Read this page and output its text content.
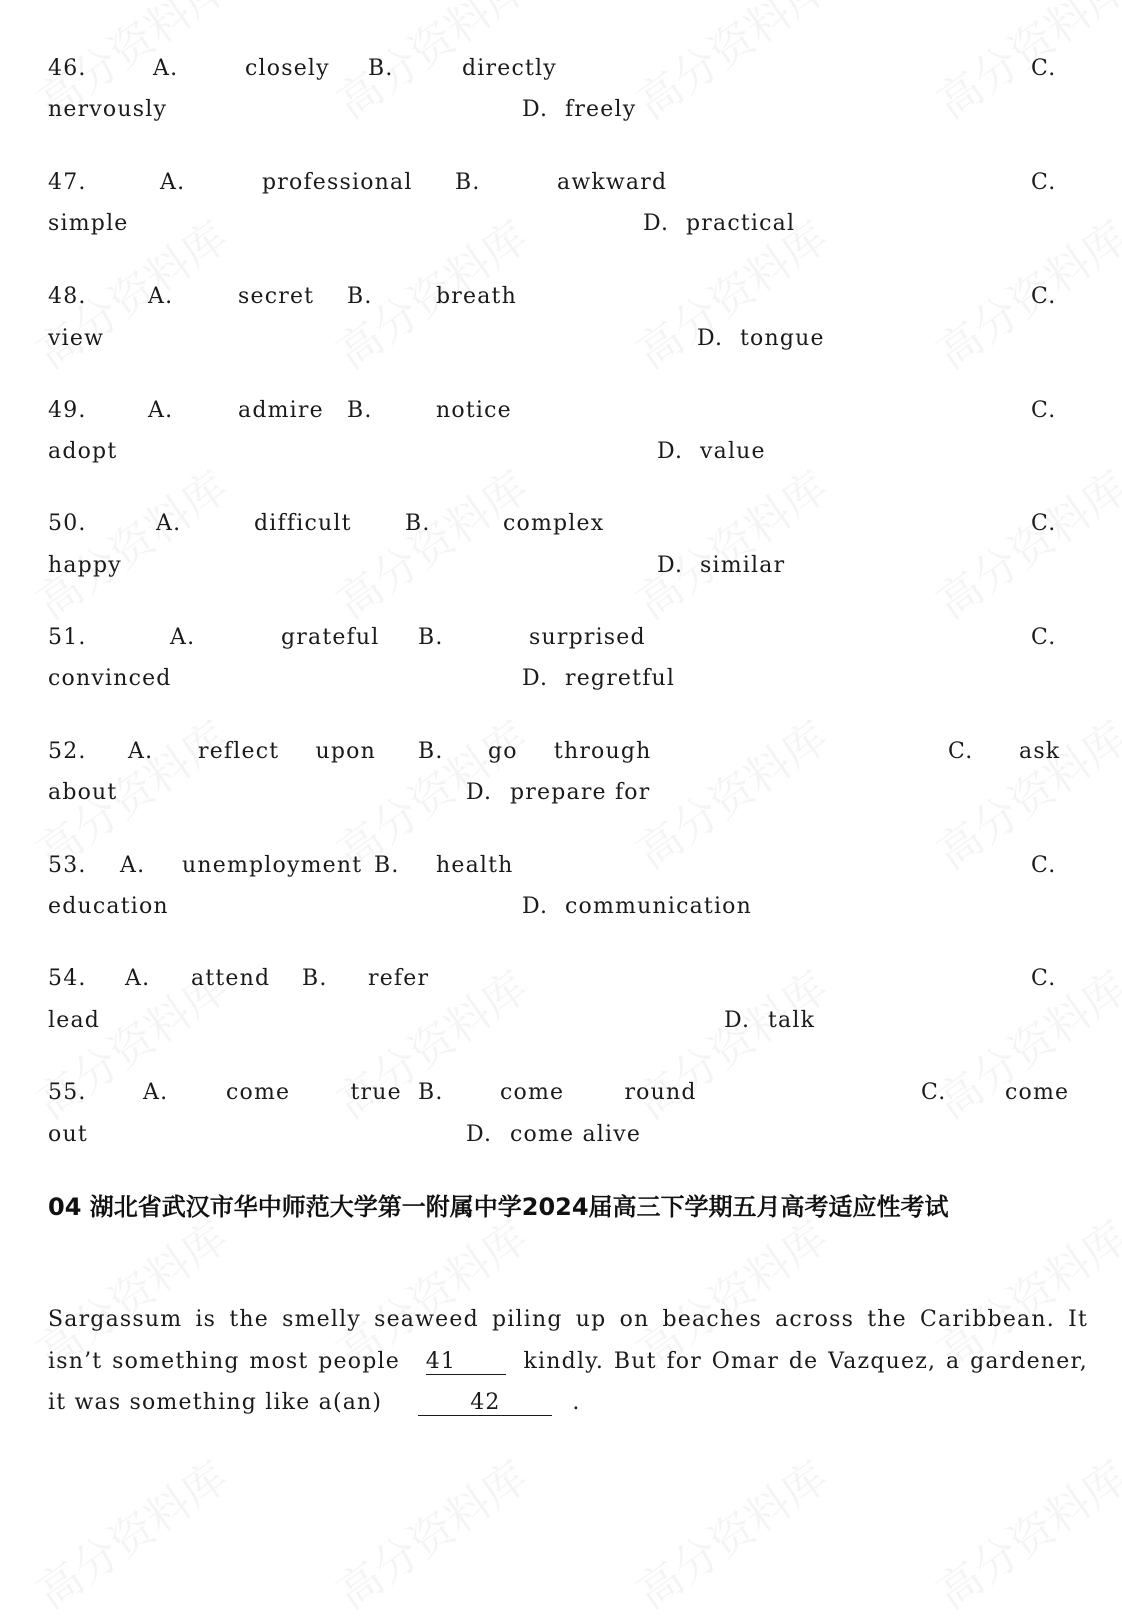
46.	A.	closely B.	directly	C.
nervously	D. freely
47.	A.	professional B.	awkward	C.
simple	D. practical
48.	A.	secret B.	breath	C.
view	D. tongue
49.	A.	admire B.	notice	C.
adopt	D. value
50.	A.	difficult B.	complex	C.
happy	D. similar
51.	A.	grateful B.	surprised	C.
convinced	D. regretful
52. A. reflect upon B. go through	C. ask
about	D. prepare for
53. A. unemployment B. health	C.
education	D. communication
54. A. attend B. refer	C.
lead	D. talk
55.	A.	come true B.	come round	C.	come
out	D. come alive
04 湖北省武汉市华中师范大学第一附属中学2024届高三下学期五月高考适应性考试
Sargassum is the smelly seaweed piling up on beaches across the Caribbean. It isn’t something most people 41	kindly. But for Omar de Vazquez, a gardener, it was something like a(an)	42	.
